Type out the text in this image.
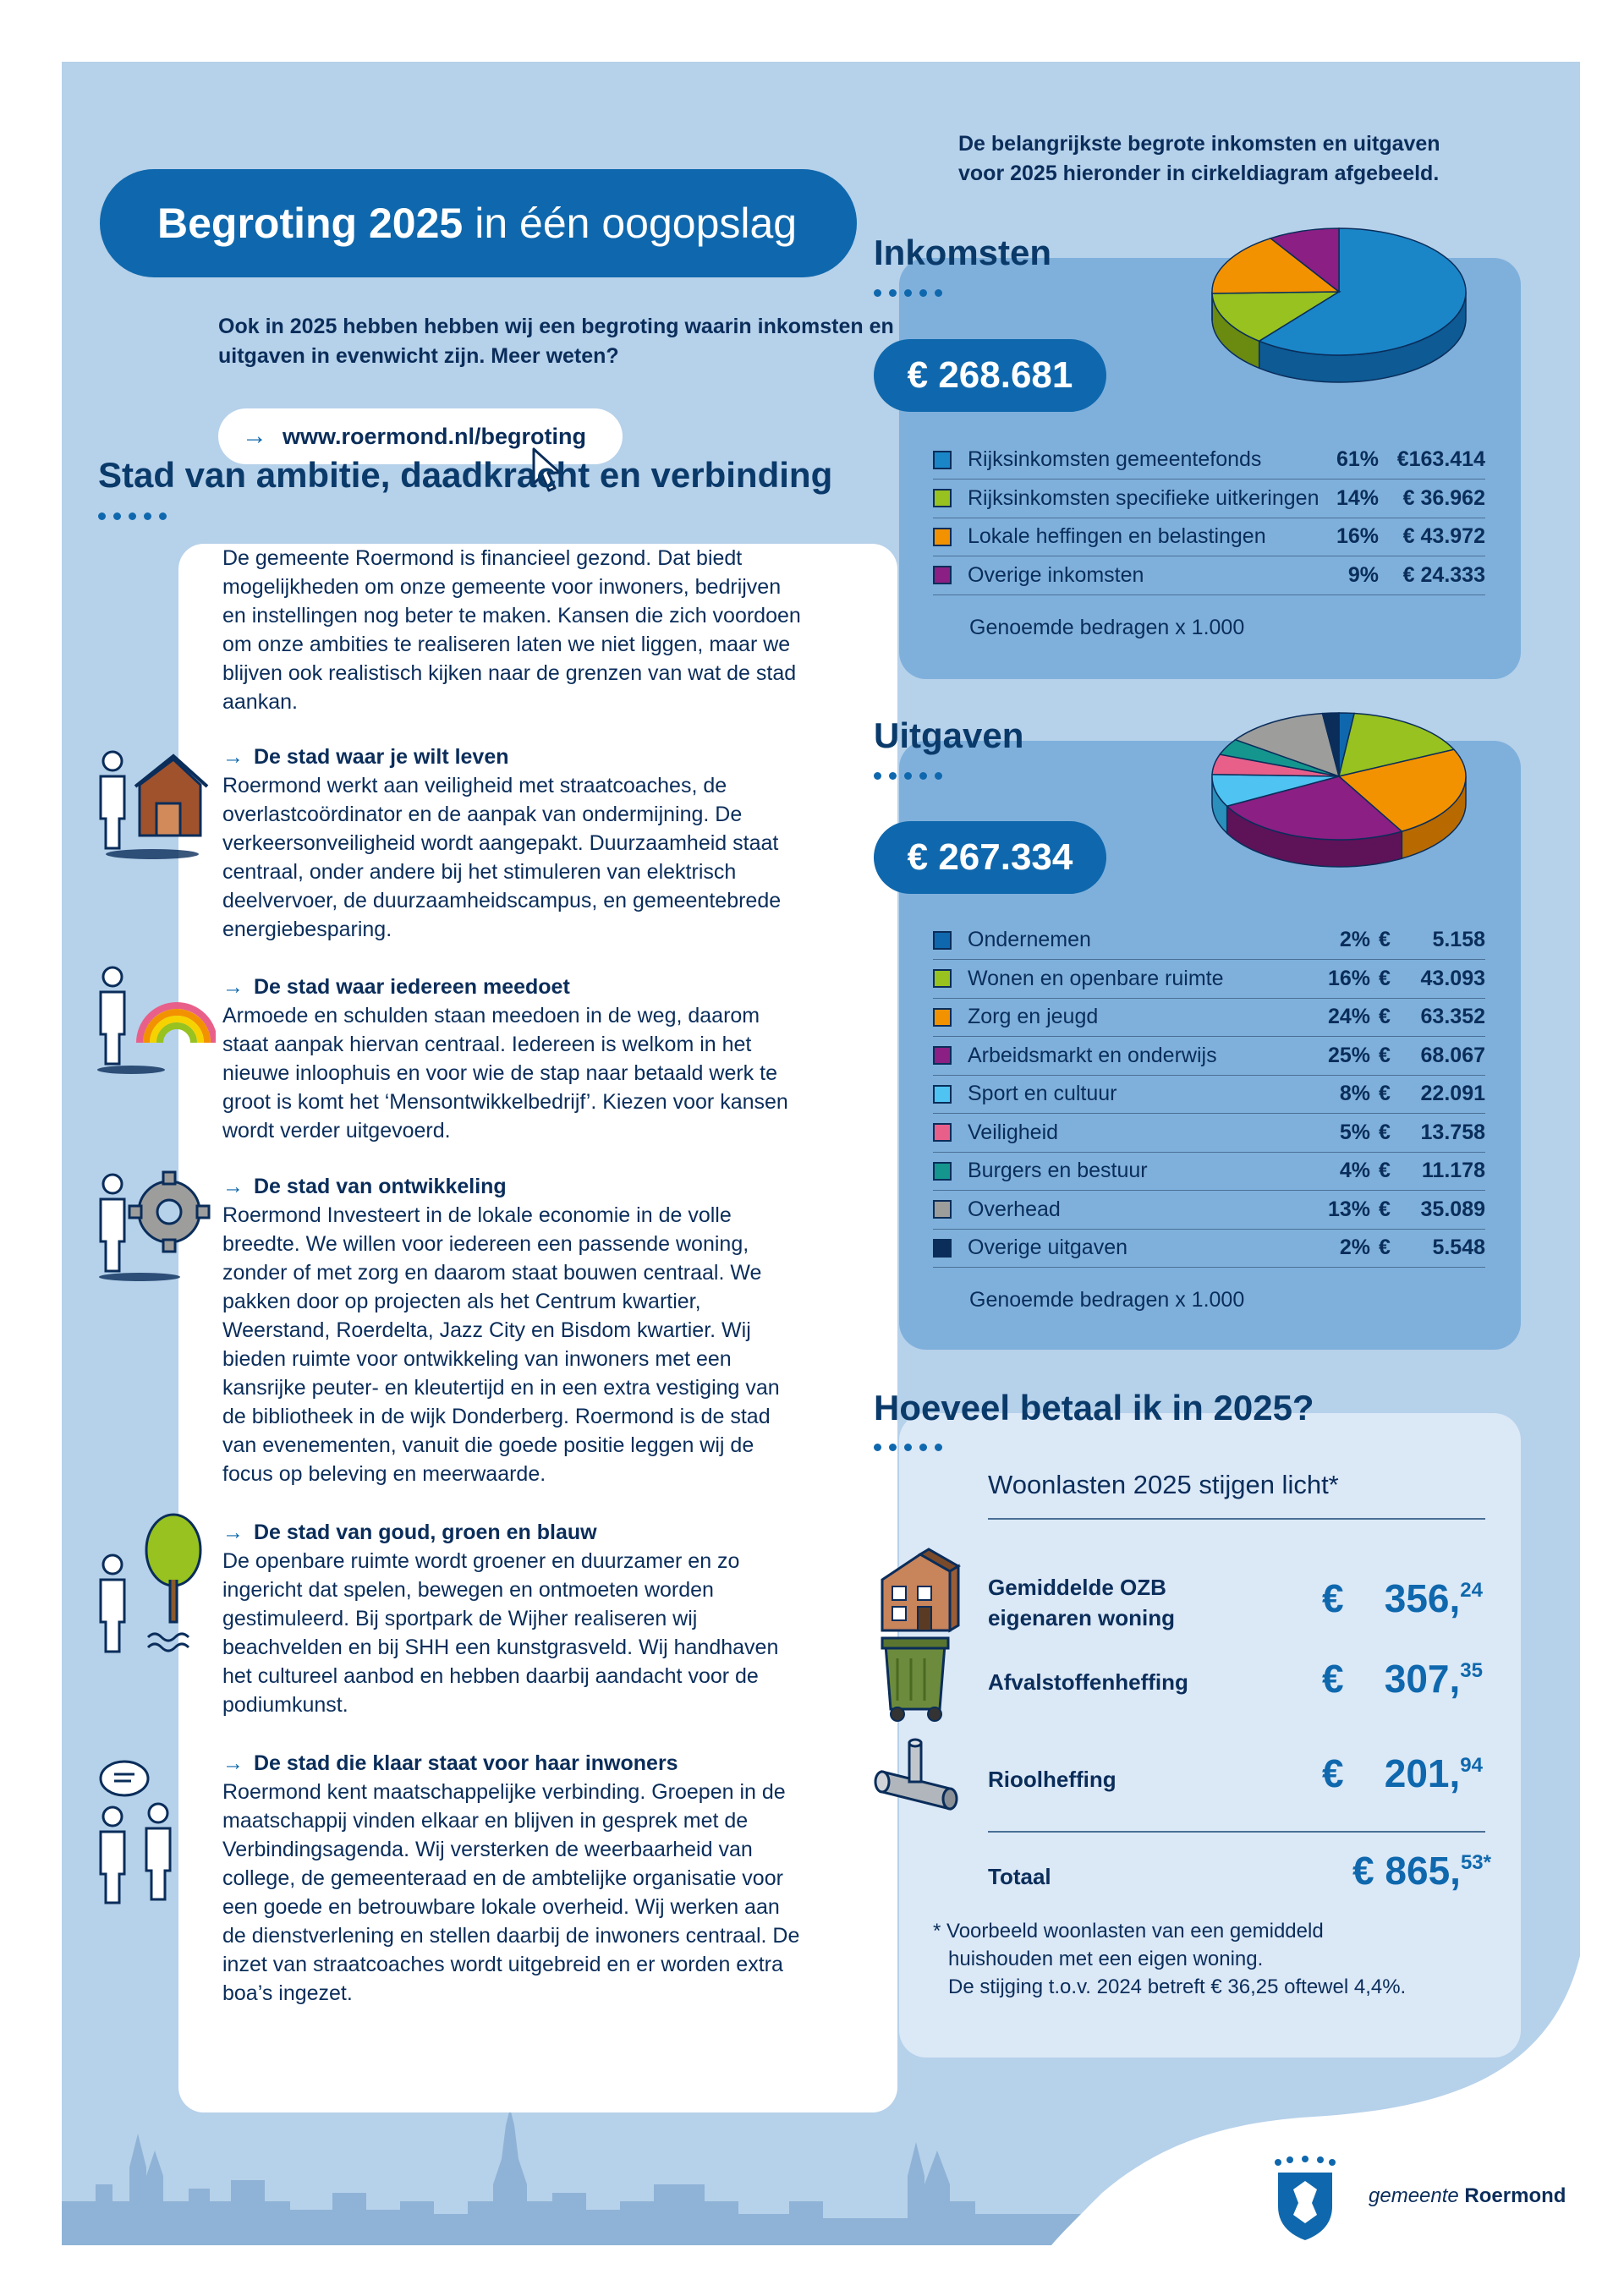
Begroting 2025 in één oogopslag
Ook in 2025 hebben hebben wij een begroting waarin inkomsten en uitgaven in evenwicht zijn. Meer weten?
→ www.roermond.nl/begroting
Stad van ambitie, daadkracht en verbinding
De gemeente Roermond is financieel gezond. Dat biedt mogelijkheden om onze gemeente voor inwoners, bedrijven en instellingen nog beter te maken. Kansen die zich voordoen om onze ambities te realiseren laten we niet liggen, maar we blijven ook realistisch kijken naar de grenzen van wat de stad aankan.
→ De stad waar je wilt leven
Roermond werkt aan veiligheid met straatcoaches, de overlastcoördinator en de aanpak van ondermijning. De verkeersonveiligheid wordt aangepakt. Duurzaamheid staat centraal, onder andere bij het stimuleren van elektrisch deelvervoer, de duurzaamheidscampus, en gemeentebrede energiebesparing.
→ De stad waar iedereen meedoet
Armoede en schulden staan meedoen in de weg, daarom staat aanpak hiervan centraal. Iedereen is welkom in het nieuwe inloophuis en voor wie de stap naar betaald werk te groot is komt het ‘Mensontwikkelbedrijf’. Kiezen voor kansen wordt verder uitgevoerd.
→ De stad van ontwikkeling
Roermond Investeert in de lokale economie in de volle breedte. We willen voor iedereen een passende woning, zonder of met zorg en daarom staat bouwen centraal. We pakken door op projecten als het Centrum kwartier, Weerstand, Roerdelta, Jazz City en Bisdom kwartier. Wij bieden ruimte voor ontwikkeling van inwoners met een kansrijke peuter- en kleutertijd en in een extra vestiging van de bibliotheek in de wijk Donderberg. Roermond is de stad van evenementen, vanuit die goede positie leggen wij de focus op beleving en meerwaarde.
→ De stad van goud, groen en blauw
De openbare ruimte wordt groener en duurzamer en zo ingericht dat spelen, bewegen en ontmoeten worden gestimuleerd. Bij sportpark de Wijher realiseren wij beachvelden en bij SHH een kunstgrasveld. Wij handhaven het cultureel aanbod en hebben daarbij aandacht voor de podiumkunst.
→ De stad die klaar staat voor haar inwoners
Roermond kent maatschappelijke verbinding. Groepen in de maatschappij vinden elkaar en blijven in gesprek met de Verbindingsagenda. Wij versterken de weerbaarheid van college, de gemeenteraad en de ambtelijke organisatie voor een goede en betrouwbare lokale overheid. Wij werken aan de dienstverlening en stellen daarbij de inwoners centraal. De inzet van straatcoaches wordt uitgebreid en er worden extra boa’s ingezet.
De belangrijkste begrote inkomsten en uitgaven voor 2025 hieronder in cirkeldiagram afgebeeld.
Inkomsten
€ 268.681
Rijksinkomsten gemeentefonds	61% €163.414
Rijksinkomsten specifieke uitkeringen 14%	€ 36.962
Lokale heffingen en belastingen	16%	€ 43.972
Overige inkomsten	9%	€ 24.333
Genoemde bedragen x 1.000
Uitgaven
€ 267.334
Ondernemen	2% €	5.158
Wonen en openbare ruimte	16% €	43.093
Zorg en jeugd	24% €	63.352
Arbeidsmarkt en onderwijs	25% €	68.067
Sport en cultuur	8% €	22.091
Veiligheid	5% €	13.758
Burgers en bestuur	4% €	11.178
Overhead	13% €	35.089
Overige uitgaven	2% €	5.548
Genoemde bedragen x 1.000
Hoeveel betaal ik in 2025?
Woonlasten 2025 stijgen licht*
Gemiddelde OZB
eigenaren woning	€ 356,24
Afvalstoffenheffing	€ 307,35
Rioolheffing	€ 201,94
Totaal	€ 865,$^{53*}$
* Voorbeeld woonlasten van een gemiddeld
huishouden met een eigen woning.
De stijging t.o.v. 2024 betreft € 36,25 oftewel 4,4%.
gemeente Roermond
